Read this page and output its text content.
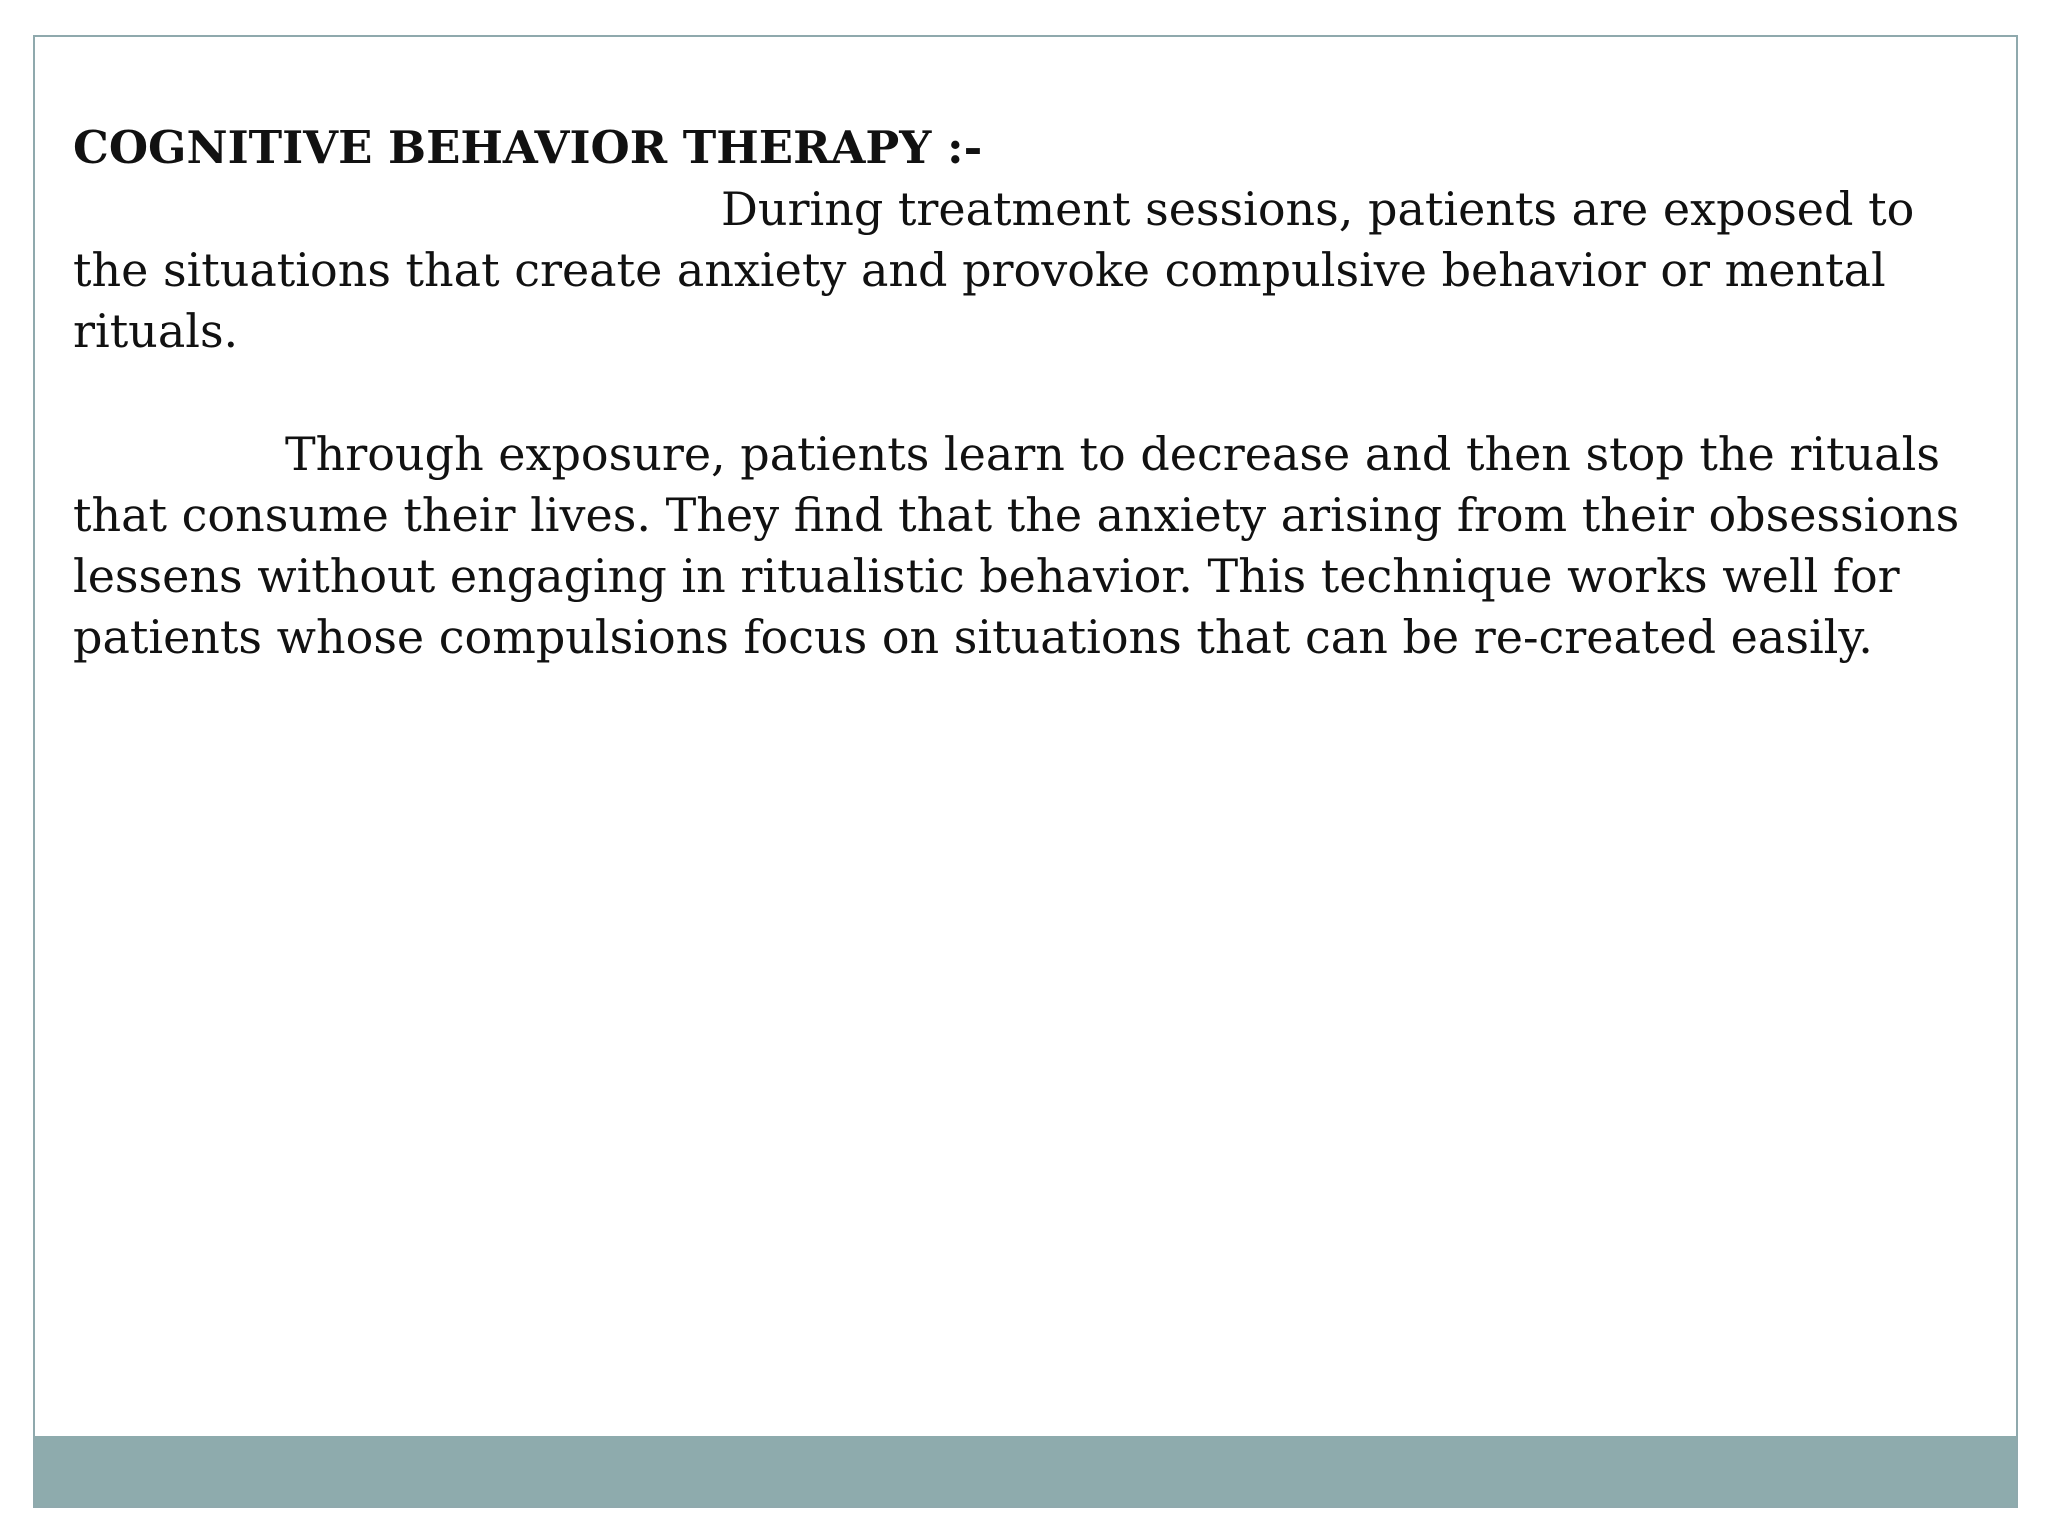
COGNITIVE BEHAVIOR THERAPY :-

During treatment sessions, patients are exposed to the situations that create anxiety and provoke compulsive behavior or mental rituals.

Through exposure, patients learn to decrease and then stop the rituals that consume their lives. They find that the anxiety arising from their obsessions lessens without engaging in ritualistic behavior. This technique works well for patients whose compulsions focus on situations that can be re-created easily.
